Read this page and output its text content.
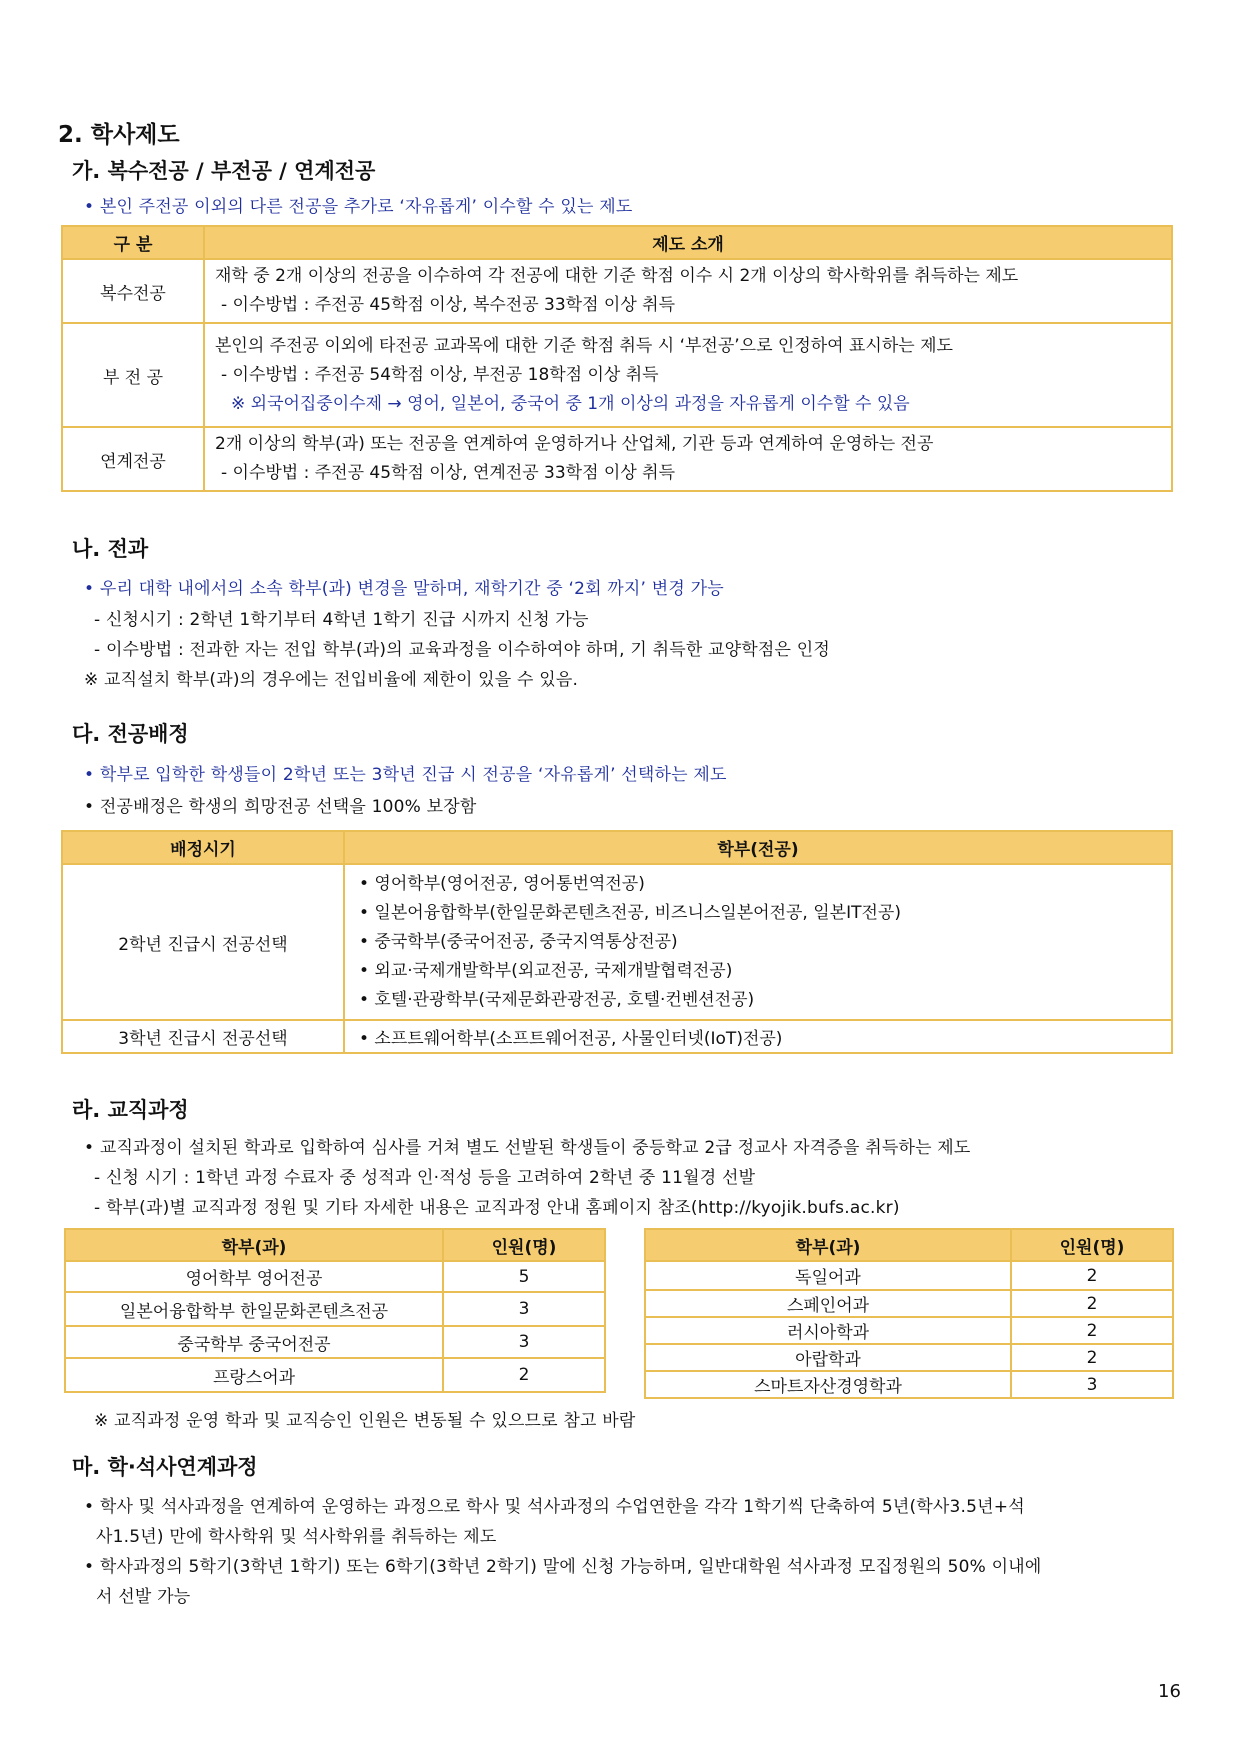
2. 학사제도
가. 복수전공 / 부전공 / 연계전공
• 본인 주전공 이외의 다른 전공을 추가로 ‘자유롭게’ 이수할 수 있는 제도
구 분	제도 소개
복수전공	재학 중 2개 이상의 전공을 이수하여 각 전공에 대한 기준 학점 이수 시 2개 이상의 학사학위를 취득하는 제도
- 이수방법 : 주전공 45학점 이상, 복수전공 33학점 이상 취득

부 전 공	본인의 주전공 이외에 타전공 교과목에 대한 기준 학점 취득 시 ‘부전공’으로 인정하여 표시하는 제도
- 이수방법 : 주전공 54학점 이상, 부전공 18학점 이상 취득
※ 외국어집중이수제 → 영어, 일본어, 중국어 중 1개 이상의 과정을 자유롭게 이수할 수 있음

연계전공	2개 이상의 학부(과) 또는 전공을 연계하여 운영하거나 산업체, 기관 등과 연계하여 운영하는 전공
- 이수방법 : 주전공 45학점 이상, 연계전공 33학점 이상 취득
나. 전과
• 우리 대학 내에서의 소속 학부(과) 변경을 말하며, 재학기간 중 ‘2회 까지’ 변경 가능
- 신청시기 : 2학년 1학기부터 4학년 1학기 진급 시까지 신청 가능
- 이수방법 : 전과한 자는 전입 학부(과)의 교육과정을 이수하여야 하며, 기 취득한 교양학점은 인정
※ 교직설치 학부(과)의 경우에는 전입비율에 제한이 있을 수 있음.
다. 전공배정
• 학부로 입학한 학생들이 2학년 또는 3학년 진급 시 전공을 ‘자유롭게’ 선택하는 제도
• 전공배정은 학생의 희망전공 선택을 100% 보장함
배정시기	학부(전공)
2학년 진급시 전공선택	• 영어학부(영어전공, 영어통번역전공)
• 일본어융합학부(한일문화콘텐츠전공, 비즈니스일본어전공, 일본IT전공)
• 중국학부(중국어전공, 중국지역통상전공)
• 외교·국제개발학부(외교전공, 국제개발협력전공)
• 호텔·관광학부(국제문화관광전공, 호텔·컨벤션전공)

3학년 진급시 전공선택	• 소프트웨어학부(소프트웨어전공, 사물인터넷(IoT)전공)
라. 교직과정
• 교직과정이 설치된 학과로 입학하여 심사를 거쳐 별도 선발된 학생들이 중등학교 2급 정교사 자격증을 취득하는 제도
- 신청 시기 : 1학년 과정 수료자 중 성적과 인·적성 등을 고려하여 2학년 중 11월경 선발
- 학부(과)별 교직과정 정원 및 기타 자세한 내용은 교직과정 안내 홈페이지 참조(http://kyojik.bufs.ac.kr)
학부(과)	인원(명)
영어학부 영어전공	5
일본어융합학부 한일문화콘텐츠전공	3
중국학부 중국어전공	3
프랑스어과	2
학부(과)	인원(명)
독일어과	2
스페인어과	2
러시아학과	2
아랍학과	2
스마트자산경영학과	3
※ 교직과정 운영 학과 및 교직승인 인원은 변동될 수 있으므로 참고 바람
마. 학·석사연계과정
• 학사 및 석사과정을 연계하여 운영하는 과정으로 학사 및 석사과정의 수업연한을 각각 1학기씩 단축하여 5년(학사3.5년+석
사1.5년) 만에 학사학위 및 석사학위를 취득하는 제도
• 학사과정의 5학기(3학년 1학기) 또는 6학기(3학년 2학기) 말에 신청 가능하며, 일반대학원 석사과정 모집정원의 50% 이내에
서 선발 가능
16
